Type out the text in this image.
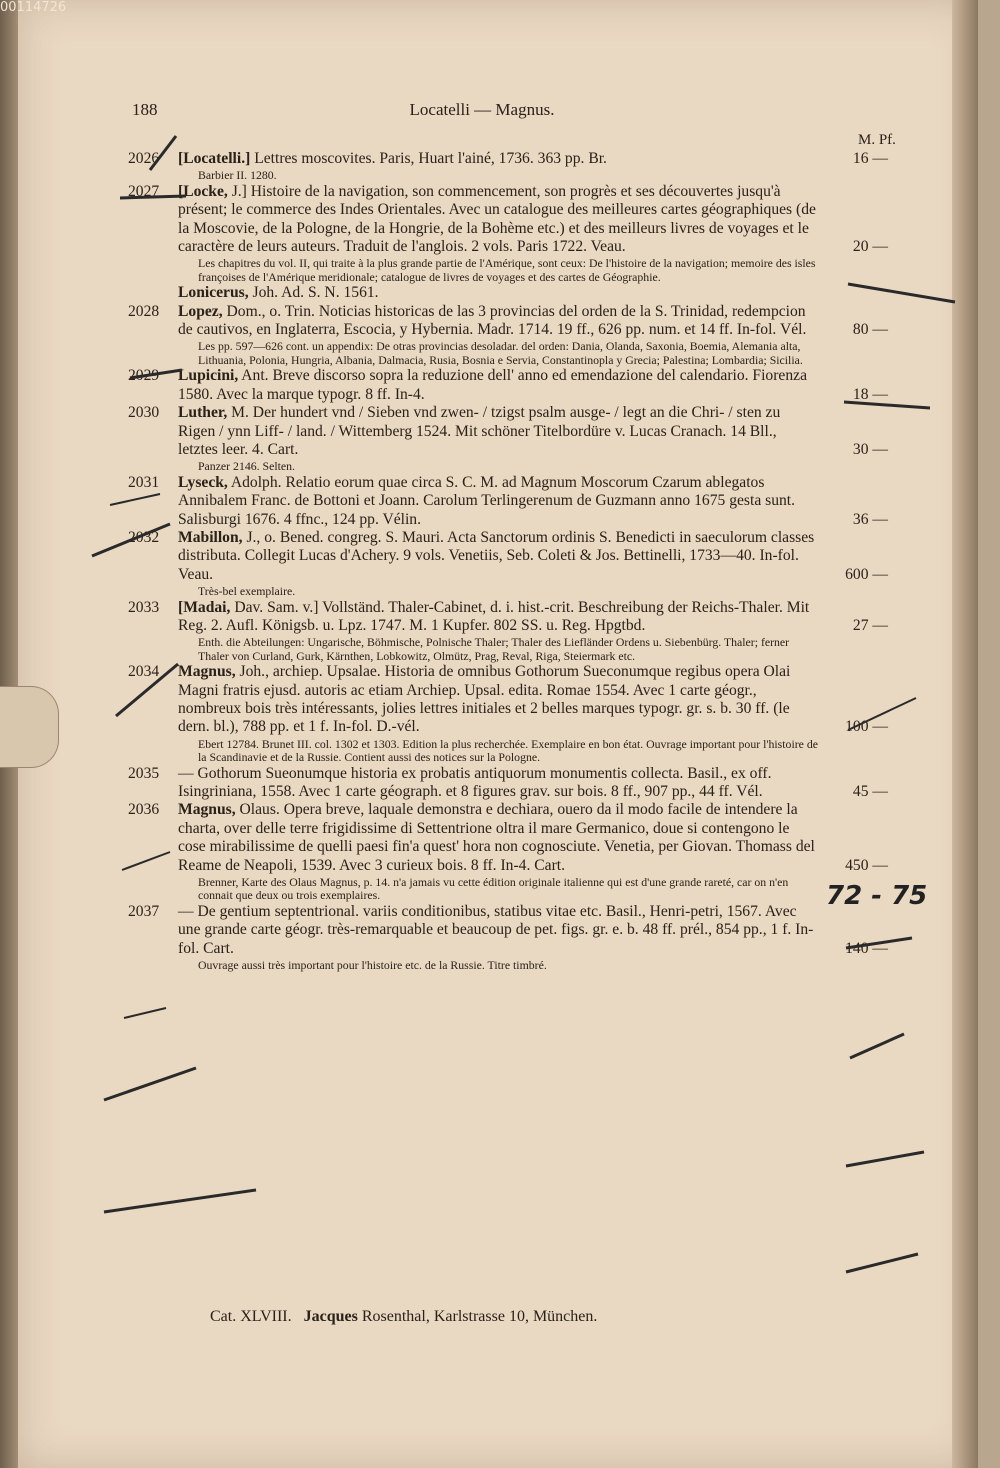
00114726
188	Locatelli — Magnus.
M. Pf.
2026	[Locatelli.] Lettres moscovites. Paris, Huart l'ainé, 1736. 363 pp. Br.	16 —
Barbier II. 1280.
2027	[Locke, J.] Histoire de la navigation, son commencement, son progrès et ses découvertes jusqu'à présent; le commerce des Indes Orientales. Avec un catalogue des meilleures cartes géographiques (de la Moscovie, de la Pologne, de la Hongrie, de la Bohème etc.) et des meilleurs livres de voyages et le caractère de leurs auteurs. Traduit de l'anglois. 2 vols. Paris 1722. Veau.	20 —
Les chapitres du vol. II, qui traite à la plus grande partie de l'Amérique, sont ceux: De l'histoire de la navigation; memoire des isles françoises de l'Amérique meridionale; catalogue de livres de voyages et des cartes de Géographie.
Lonicerus, Joh. Ad. S. N. 1561.
2028	Lopez, Dom., o. Trin. Noticias historicas de las 3 provincias del orden de la S. Trinidad, redempcion de cautivos, en Inglaterra, Escocia, y Hybernia. Madr. 1714. 19 ff., 626 pp. num. et 14 ff. In-fol. Vél.	80 —
Les pp. 597—626 cont. un appendix: De otras provincias desoladar. del orden: Dania, Olanda, Saxonia, Boemia, Alemania alta, Lithuania, Polonia, Hungria, Albania, Dalmacia, Rusia, Bosnia e Servia, Constantinopla y Grecia; Palestina; Lombardia; Sicilia.
2029	Lupicini, Ant. Breve discorso sopra la reduzione dell' anno ed emendazione del calendario. Fiorenza 1580. Avec la marque typogr. 8 ff. In-4.	18 —
2030	Luther, M. Der hundert vnd / Sieben vnd zwen- / tzigst psalm ausge- / legt an die Chri- / sten zu Rigen / ynn Liff- / land. / Wittemberg 1524. Mit schöner Titelbordüre v. Lucas Cranach. 14 Bll., letztes leer. 4. Cart.	30 —
Panzer 2146. Selten.
2031	Lyseck, Adolph. Relatio eorum quae circa S. C. M. ad Magnum Moscorum Czarum ablegatos Annibalem Franc. de Bottoni et Joann. Carolum Terlingerenum de Guzmann anno 1675 gesta sunt. Salisburgi 1676. 4 ffnc., 124 pp. Vélin.	36 —
2032	Mabillon, J., o. Bened. congreg. S. Mauri. Acta Sanctorum ordinis S. Benedicti in saeculorum classes distributa. Collegit Lucas d'Achery. 9 vols. Venetiis, Seb. Coleti & Jos. Bettinelli, 1733—40. In-fol. Veau.	600 —
Très-bel exemplaire.
2033	[Madai, Dav. Sam. v.] Vollständ. Thaler-Cabinet, d. i. hist.-crit. Beschreibung der Reichs-Thaler. Mit Reg. 2. Aufl. Königsb. u. Lpz. 1747. M. 1 Kupfer. 802 SS. u. Reg. Hpgtbd.	27 —
Enth. die Abteilungen: Ungarische, Böhmische, Polnische Thaler; Thaler des Liefländer Ordens u. Siebenbürg. Thaler; ferner Thaler von Curland, Gurk, Kärnthen, Lobkowitz, Olmütz, Prag, Reval, Riga, Steiermark etc.
2034	Magnus, Joh., archiep. Upsalae. Historia de omnibus Gothorum Sueconumque regibus opera Olai Magni fratris ejusd. autoris ac etiam Archiep. Upsal. edita. Romae 1554. Avec 1 carte géogr., nombreux bois très intéressants, jolies lettres initiales et 2 belles marques typogr. gr. s. b. 30 ff. (le dern. bl.), 788 pp. et 1 f. In-fol. D.-vél.	100 —
Ebert 12784. Brunet III. col. 1302 et 1303. Edition la plus recherchée. Exemplaire en bon état. Ouvrage important pour l'histoire de la Scandinavie et de la Russie. Contient aussi des notices sur la Pologne.
2035	— Gothorum Sueonumque historia ex probatis antiquorum monumentis collecta. Basil., ex off. Isingriniana, 1558. Avec 1 carte géograph. et 8 figures grav. sur bois. 8 ff., 907 pp., 44 ff. Vél.	45 —
2036	Magnus, Olaus. Opera breve, laquale demonstra e dechiara, ouero da il modo facile de intendere la charta, over delle terre frigidissime di Settentrione oltra il mare Germanico, doue si contengono le cose mirabilissime de quelli paesi fin'a quest' hora non cognosciute. Venetia, per Giovan. Thomass del Reame de Neapoli, 1539. Avec 3 curieux bois. 8 ff. In-4. Cart.	450 —
Brenner, Karte des Olaus Magnus, p. 14. n'a jamais vu cette édition originale italienne qui est d'une grande rareté, car on n'en connait que deux ou trois exemplaires.
2037	— De gentium septentrional. variis conditionibus, statibus vitae etc. Basil., Henri-petri, 1567. Avec une grande carte géogr. très-remarquable et beaucoup de pet. figs. gr. e. b. 48 ff. prél., 854 pp., 1 f. In-fol. Cart.	140 —
Ouvrage aussi très important pour l'histoire etc. de la Russie. Titre timbré.
Cat. XLVIII. Jacques Rosenthal, Karlstrasse 10, München.
72 - 75
